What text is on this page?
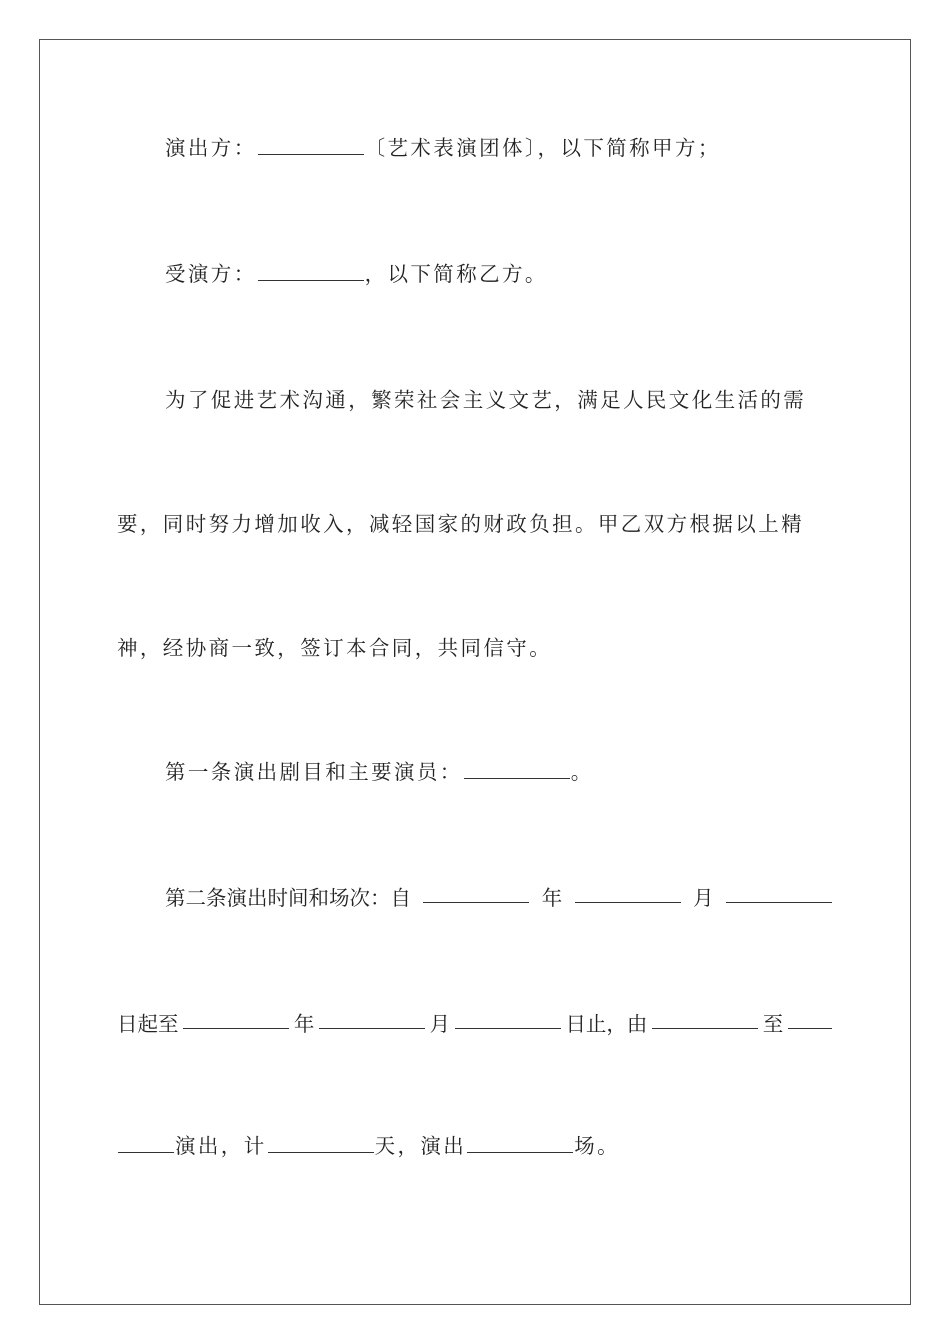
演出方：	〔艺术表演团体〕，以下简称甲方；
受演方：	，以下简称乙方。
为了促进艺术沟通，繁荣社会主义文艺，满足人民文化生活的需
要，同时努力增加收入，减轻国家的财政负担。甲乙双方根据以上精
神，经协商一致，签订本合同，共同信守。
第一条演出剧目和主要演员：	。
第二条演出时间和场次：自	年	月
日起至	年	月	日止，由	至
演出，计	天，演出	场。
